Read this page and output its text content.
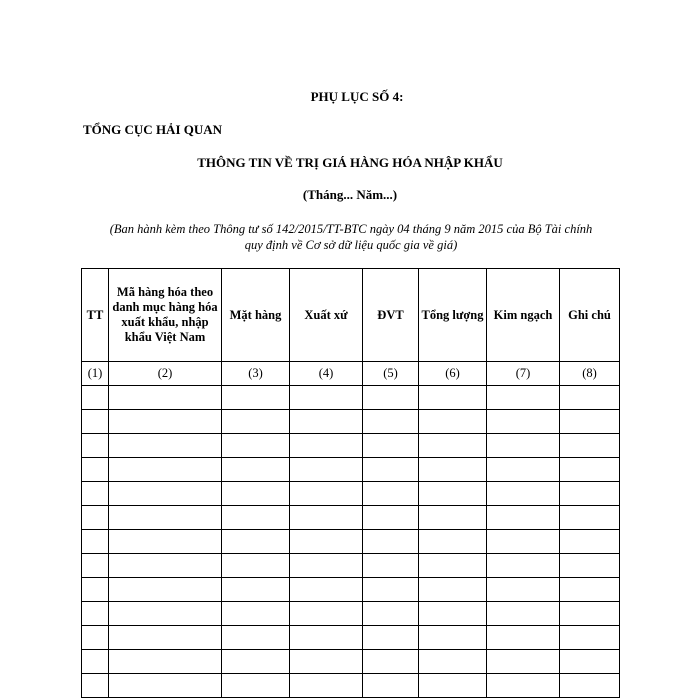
PHỤ LỤC SỐ 4:
TỔNG CỤC HẢI QUAN
THÔNG TIN VỀ TRỊ GIÁ HÀNG HÓA NHẬP KHẨU
(Tháng... Năm...)
(Ban hành kèm theo Thông tư số 142/2015/TT-BTC ngày 04 tháng 9 năm 2015 của Bộ Tài chính
quy định về Cơ sở dữ liệu quốc gia về giá)
TT	Mã hàng hóa theo danh mục hàng hóa xuất khẩu, nhập khẩu Việt Nam	Mặt hàng	Xuất xứ	ĐVT	Tổng lượng	Kim ngạch	Ghi chú
(1)	(2)	(3)	(4)	(5)	(6)	(7)	(8)
